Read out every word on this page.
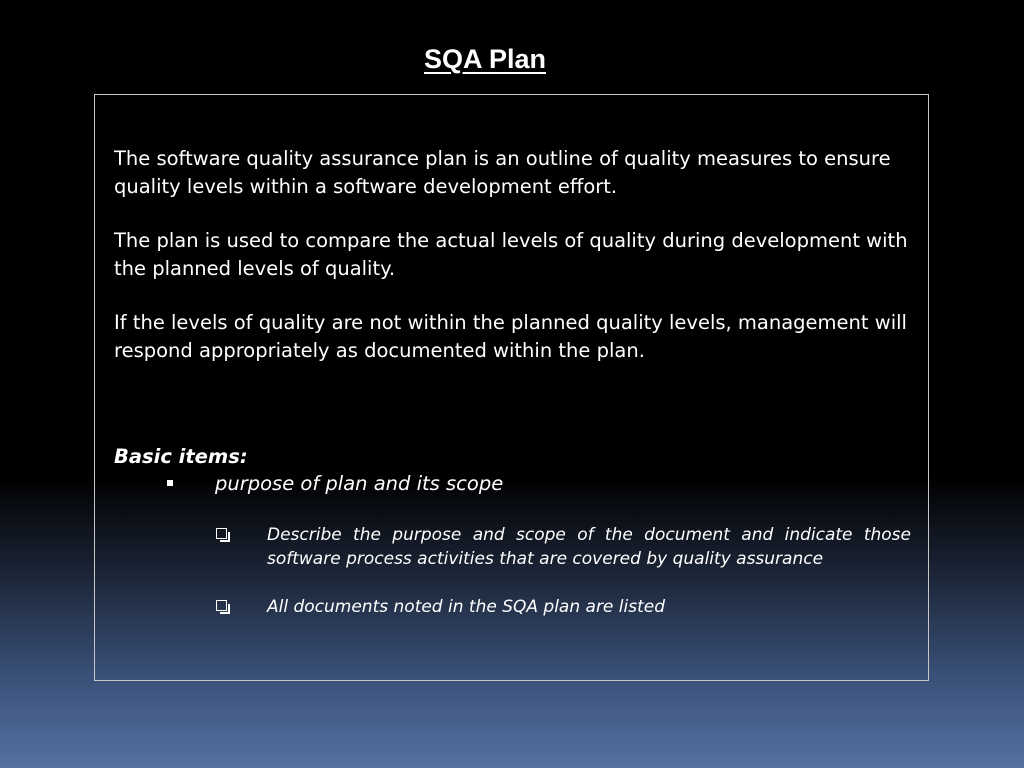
SQA Plan

The software quality assurance plan is an outline of quality measures to ensure quality levels within a software development effort.

The plan is used to compare the actual levels of quality during development with the planned levels of quality.

If the levels of quality are not within the planned quality levels, management will respond appropriately as documented within the plan.

Basic items:
purpose of plan and its scope
Describe the purpose and scope of the document and indicate those software process activities that are covered by quality assurance
All documents noted in the SQA plan are listed
